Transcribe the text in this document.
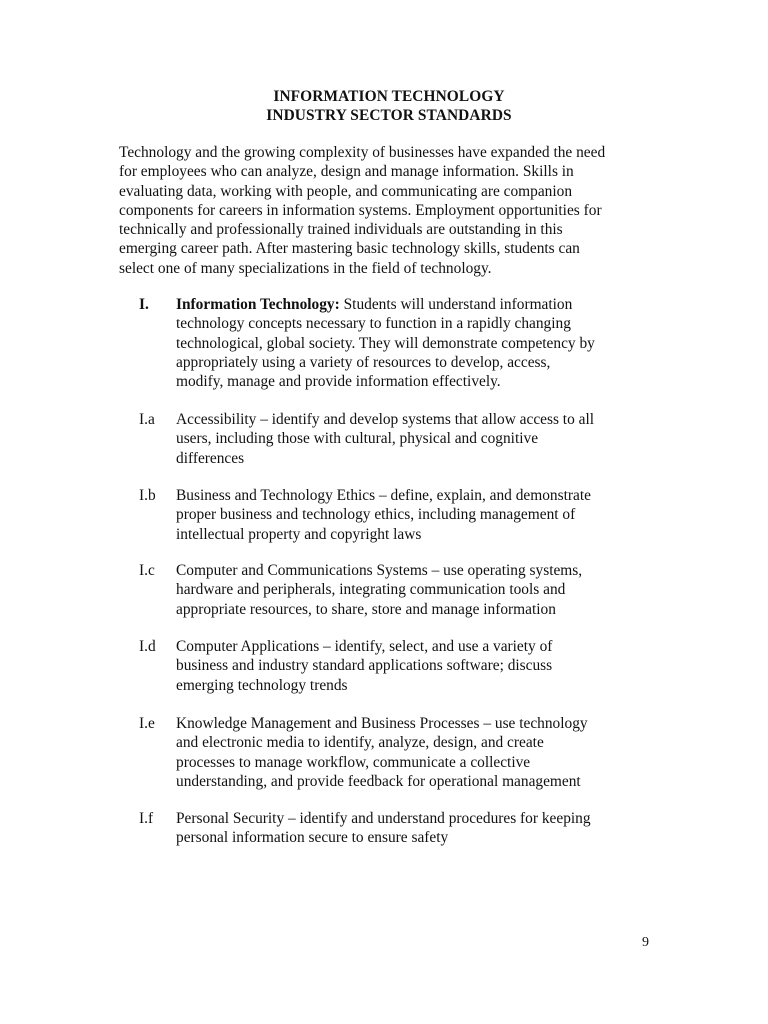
INFORMATION TECHNOLOGY
INDUSTRY SECTOR STANDARDS
Technology and the growing complexity of businesses have expanded the need
for employees who can analyze, design and manage information. Skills in
evaluating data, working with people, and communicating are companion
components for careers in information systems. Employment opportunities for
technically and professionally trained individuals are outstanding in this
emerging career path. After mastering basic technology skills, students can
select one of many specializations in the field of technology.
I. Information Technology: Students will understand information
technology concepts necessary to function in a rapidly changing
technological, global society. They will demonstrate competency by
appropriately using a variety of resources to develop, access,
modify, manage and provide information effectively.
I.a Accessibility – identify and develop systems that allow access to all
users, including those with cultural, physical and cognitive
differences
I.b Business and Technology Ethics – define, explain, and demonstrate
proper business and technology ethics, including management of
intellectual property and copyright laws
I.c Computer and Communications Systems – use operating systems,
hardware and peripherals, integrating communication tools and
appropriate resources, to share, store and manage information
I.d Computer Applications – identify, select, and use a variety of
business and industry standard applications software; discuss
emerging technology trends
I.e Knowledge Management and Business Processes – use technology
and electronic media to identify, analyze, design, and create
processes to manage workflow, communicate a collective
understanding, and provide feedback for operational management
I.f Personal Security – identify and understand procedures for keeping
personal information secure to ensure safety
9
